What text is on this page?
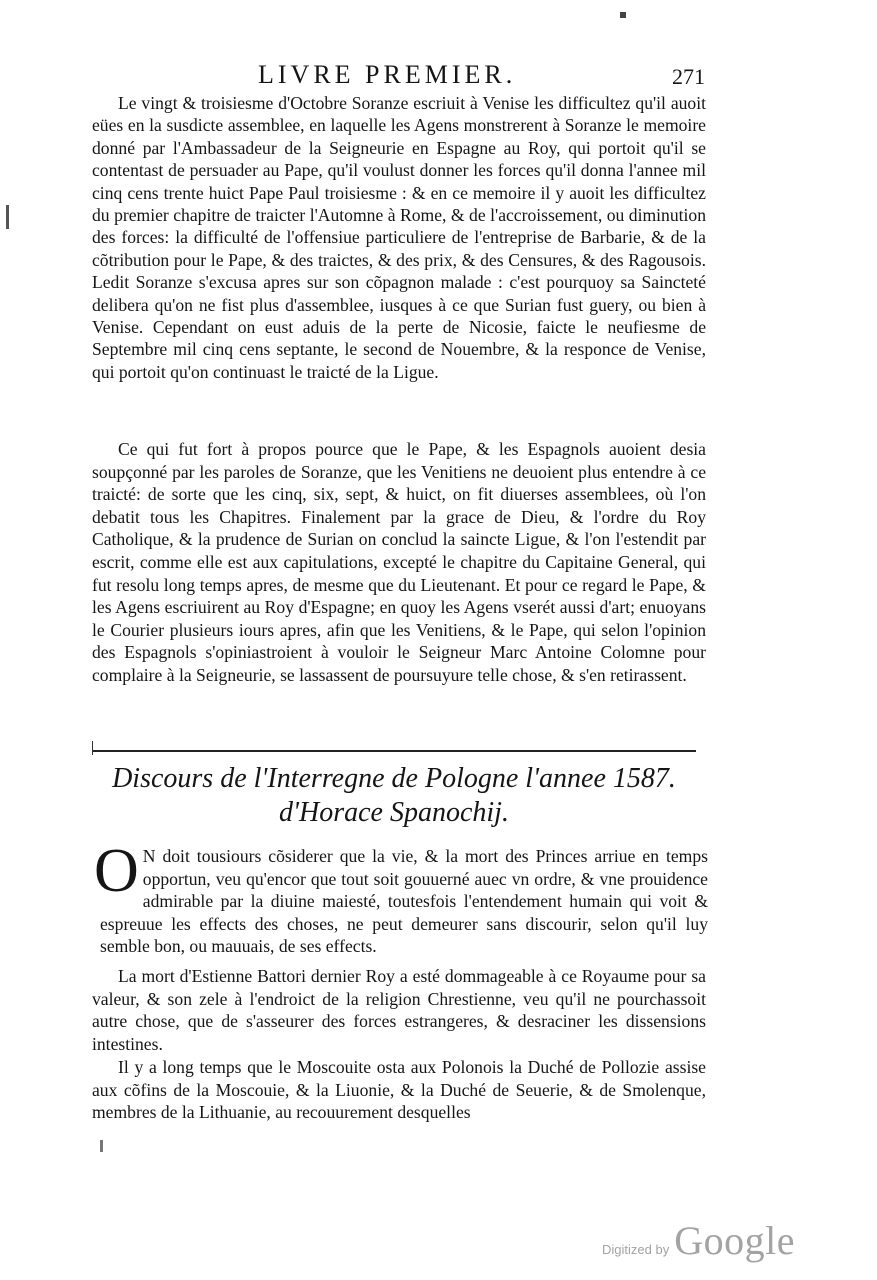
LIVRE PREMIER.	271

Le vingt & troisiesme d'Octobre Soranze escriuit à Venise les difficultez qu'il auoit eües en la susdicte assemblee, en laquelle les Agens monstrerent à Soranze le memoire donné par l'Ambassadeur de la Seigneurie en Espagne au Roy, qui portoit qu'il se contentast de persuader au Pape, qu'il voulust donner les forces qu'il donna l'annee mil cinq cens trente huict Pape Paul troisiesme : & en ce memoire il y auoit les difficultez du premier chapitre de traicter l'Automne à Rome, & de l'accroissement, ou diminution des forces: la difficulté de l'offensiue particuliere de l'entreprise de Barbarie, & de la cõtribution pour le Pape, & des traictes, & des prix, & des Censures, & des Ragousois. Ledit Soranze s'excusa apres sur son cõpagnon malade : c'est pourquoy sa Saincteté delibera qu'on ne fist plus d'assemblee, iusques à ce que Surian fust guery, ou bien à Venise. Cependant on eust aduis de la perte de Nicosie, faicte le neufiesme de Septembre mil cinq cens septante, le second de Nouembre, & la responce de Venise, qui portoit qu'on continuast le traicté de la Ligue.

Ce qui fut fort à propos pource que le Pape, & les Espagnols auoient desia soupçonné par les paroles de Soranze, que les Venitiens ne deuoient plus entendre à ce traicté: de sorte que les cinq, six, sept, & huict, on fit diuerses assemblees, où l'on debatit tous les Chapitres. Finalement par la grace de Dieu, & l'ordre du Roy Catholique, & la prudence de Surian on conclud la saincte Ligue, & l'on l'estendit par escrit, comme elle est aux capitulations, excepté le chapitre du Capitaine General, qui fut resolu long temps apres, de mesme que du Lieutenant. Et pour ce regard le Pape, & les Agens escriuirent au Roy d'Espagne; en quoy les Agens vserét aussi d'art; enuoyans le Courier plusieurs iours apres, afin que les Venitiens, & le Pape, qui selon l'opinion des Espagnols s'opiniastroient à vouloir le Seigneur Marc Antoine Colomne pour complaire à la Seigneurie, se lassassent de poursuyure telle chose, & s'en retirassent.

Discours de l'Interregne de Pologne l'annee 1587.
d'Horace Spanochij.

O N doit tousiours cõsiderer que la vie, & la mort des Princes arriue en temps opportun, veu qu'encor que tout soit gouuerné auec vn ordre, & vne prouidence admirable par la diuine maiesté, toutesfois l'entendement humain qui voit & espreuue les effects des choses, ne peut demeurer sans discourir, selon qu'il luy semble bon, ou mauuais, de ses effects.

La mort d'Estienne Battori dernier Roy a esté dommageable à ce Royaume pour sa valeur, & son zele à l'endroict de la religion Chrestienne, veu qu'il ne pourchassoit autre chose, que de s'asseurer des forces estrangeres, & desraciner les dissensions intestines.

Il y a long temps que le Moscouite osta aux Polonois la Duché de Pollozie assise aux cõfins de la Moscouie, & la Liuonie, & la Duché de Seuerie, & de Smolenque, membres de la Lithuanie, au recouurement desquelles

Digitized by Google
